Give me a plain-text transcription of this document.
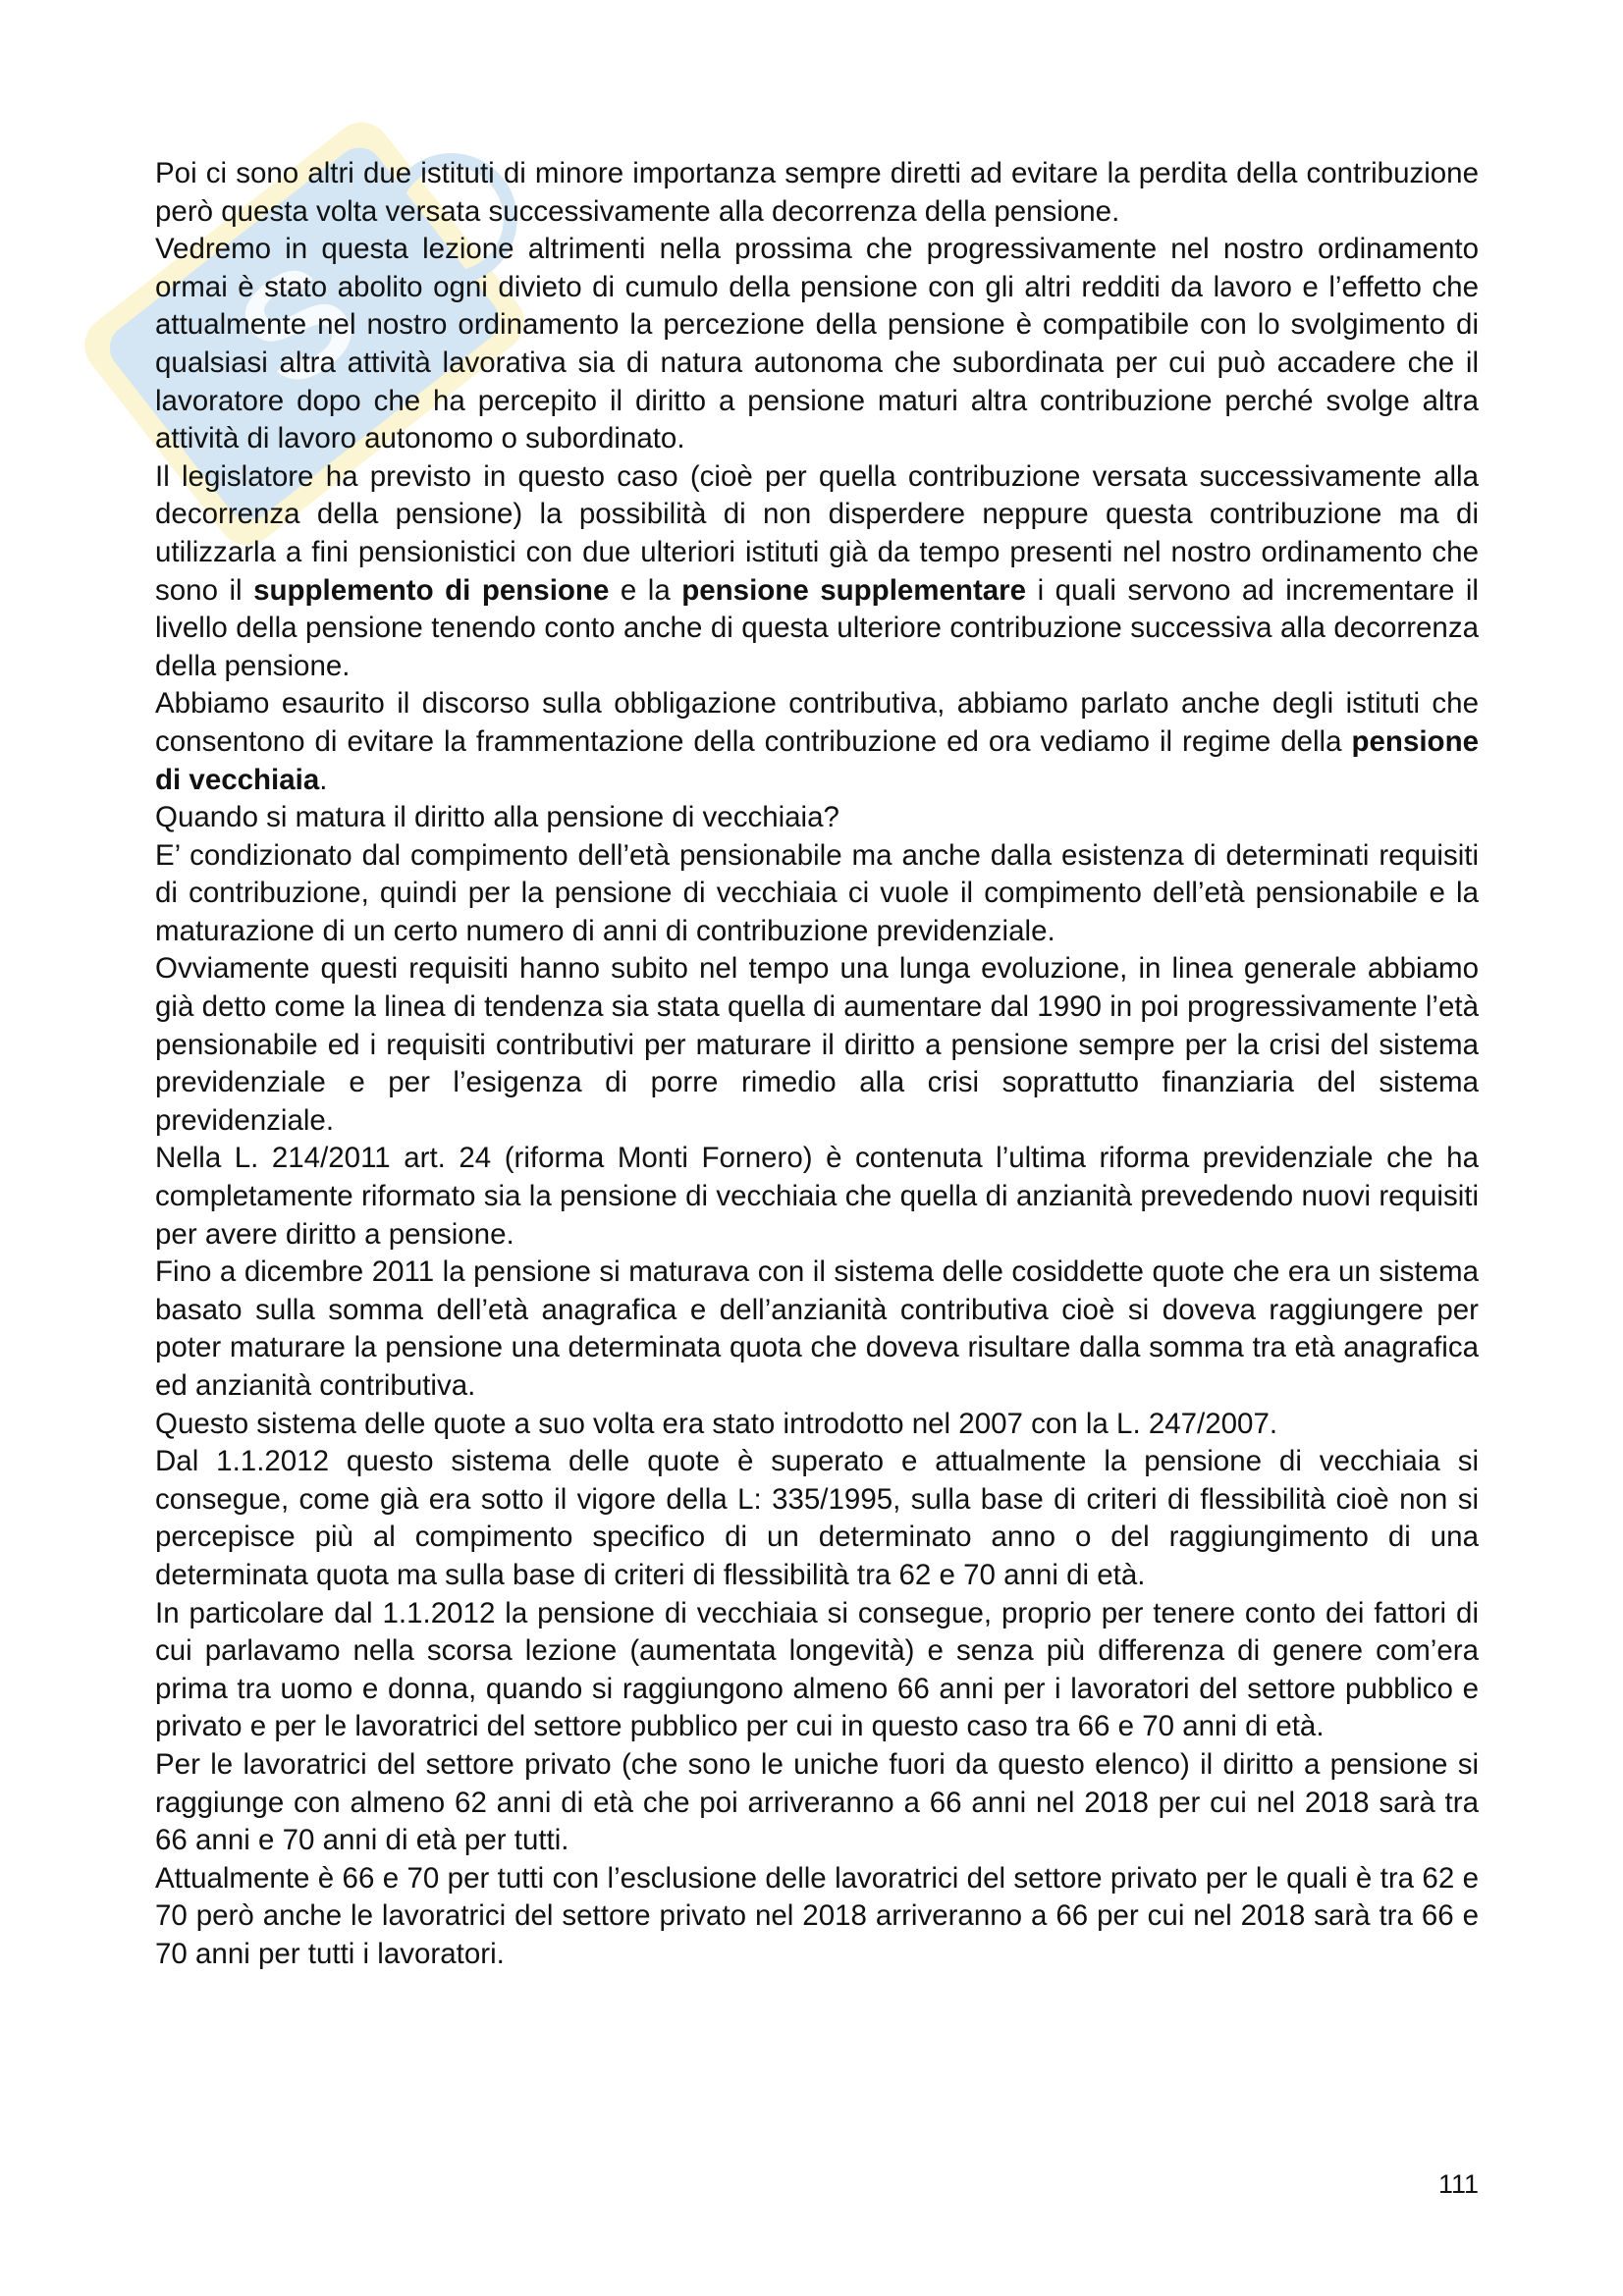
S

Poi ci sono altri due istituti di minore importanza sempre diretti ad evitare la perdita della contribuzione però questa volta versata successivamente alla decorrenza della pensione.

Vedremo in questa lezione altrimenti nella prossima che progressivamente nel nostro ordinamento ormai è stato abolito ogni divieto di cumulo della pensione con gli altri redditi da lavoro e l’effetto che attualmente nel nostro ordinamento la percezione della pensione è compatibile con lo svolgimento di qualsiasi altra attività lavorativa sia di natura autonoma che subordinata per cui può accadere che il lavoratore dopo che ha percepito il diritto a pensione maturi altra contribuzione perché svolge altra attività di lavoro autonomo o subordinato.

Il legislatore ha previsto in questo caso (cioè per quella contribuzione versata successivamente alla decorrenza della pensione) la possibilità di non disperdere neppure questa contribuzione ma di utilizzarla a fini pensionistici con due ulteriori istituti già da tempo presenti nel nostro ordinamento che sono il supplemento di pensione e la pensione supplementare i quali servono ad incrementare il livello della pensione tenendo conto anche di questa ulteriore contribuzione successiva alla decorrenza della pensione.

Abbiamo esaurito il discorso sulla obbligazione contributiva, abbiamo parlato anche degli istituti che consentono di evitare la frammentazione della contribuzione ed ora vediamo il regime della pensione di vecchiaia.

Quando si matura il diritto alla pensione di vecchiaia?

E’ condizionato dal compimento dell’età pensionabile ma anche dalla esistenza di determinati requisiti di contribuzione, quindi per la pensione di vecchiaia ci vuole il compimento dell’età pensionabile e la maturazione di un certo numero di anni di contribuzione previdenziale.

Ovviamente questi requisiti hanno subito nel tempo una lunga evoluzione, in linea generale abbiamo già detto come la linea di tendenza sia stata quella di aumentare dal 1990 in poi progressivamente l’età pensionabile ed i requisiti contributivi per maturare il diritto a pensione sempre per la crisi del sistema previdenziale e per l’esigenza di porre rimedio alla crisi soprattutto finanziaria del sistema previdenziale.

Nella L. 214/2011 art. 24 (riforma Monti Fornero) è contenuta l’ultima riforma previdenziale che ha completamente riformato sia la pensione di vecchiaia che quella di anzianità prevedendo nuovi requisiti per avere diritto a pensione.

Fino a dicembre 2011 la pensione si maturava con il sistema delle cosiddette quote che era un sistema basato sulla somma dell’età anagrafica e dell’anzianità contributiva cioè si doveva raggiungere per poter maturare la pensione una determinata quota che doveva risultare dalla somma tra età anagrafica ed anzianità contributiva.

Questo sistema delle quote a suo volta era stato introdotto nel 2007 con la L. 247/2007.

Dal 1.1.2012 questo sistema delle quote è superato e attualmente la pensione di vecchiaia si consegue, come già era sotto il vigore della L: 335/1995, sulla base di criteri di flessibilità cioè non si percepisce più al compimento specifico di un determinato anno o del raggiungimento di una determinata quota ma sulla base di criteri di flessibilità tra 62 e 70 anni di età.

In particolare dal 1.1.2012 la pensione di vecchiaia si consegue, proprio per tenere conto dei fattori di cui parlavamo nella scorsa lezione (aumentata longevità) e senza più differenza di genere com’era prima tra uomo e donna, quando si raggiungono almeno 66 anni per i lavoratori del settore pubblico e privato e per le lavoratrici del settore pubblico per cui in questo caso tra 66 e 70 anni di età.

Per le lavoratrici del settore privato (che sono le uniche fuori da questo elenco) il diritto a pensione si raggiunge con almeno 62 anni di età che poi arriveranno a 66 anni nel 2018 per cui nel 2018 sarà tra 66 anni e 70 anni di età per tutti.

Attualmente è 66 e 70 per tutti con l’esclusione delle lavoratrici del settore privato per le quali è tra 62 e 70 però anche le lavoratrici del settore privato nel 2018 arriveranno a 66 per cui nel 2018 sarà tra 66 e 70 anni per tutti i lavoratori.

111
